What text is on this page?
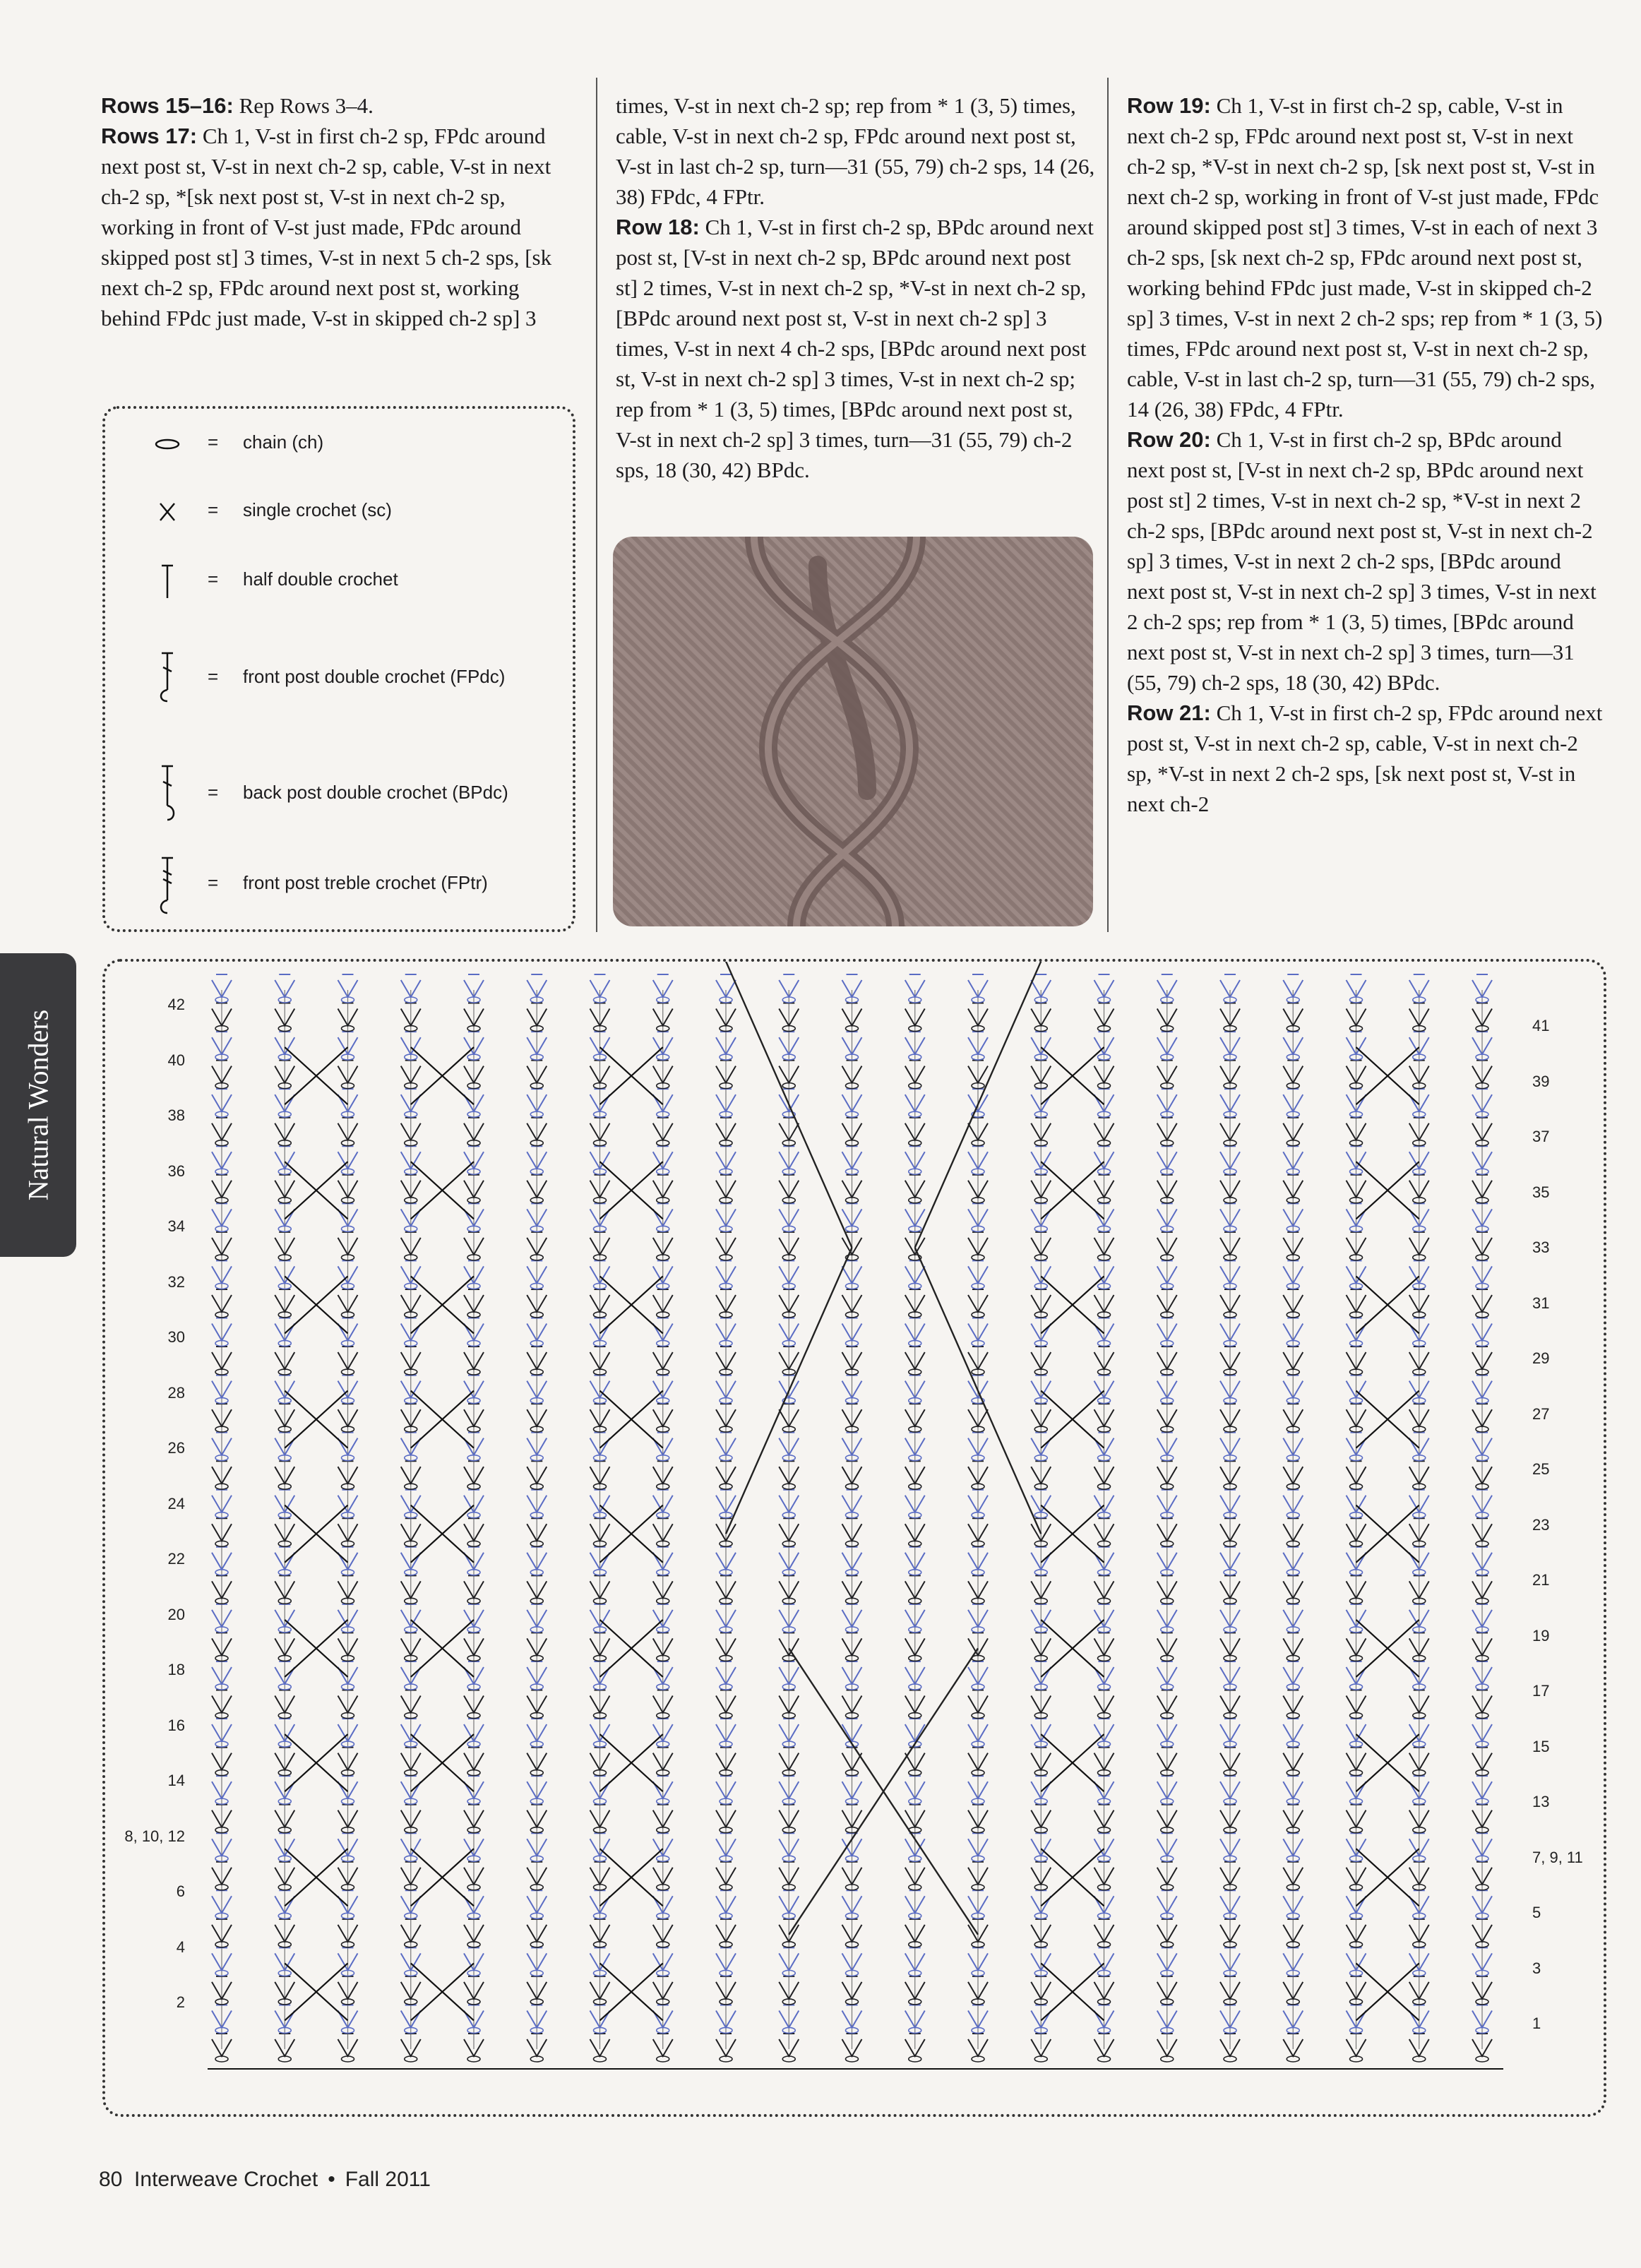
Rows 15–16: Rep Rows 3–4.

Rows 17: Ch 1, V-st in first ch-2 sp, FPdc around next post st, V-st in next ch-2 sp, cable, V-st in next ch-2 sp, *[sk next post st, V-st in next ch-2 sp, working in front of V-st just made, FPdc around skipped post st] 3 times, V-st in next 5 ch-2 sps, [sk next ch-2 sp, FPdc around next post st, working behind FPdc just made, V-st in skipped ch-2 sp] 3

times, V-st in next ch-2 sp; rep from * 1 (3, 5) times, cable, V-st in next ch-2 sp, FPdc around next post st, V-st in last ch-2 sp, turn—31 (55, 79) ch-2 sps, 14 (26, 38) FPdc, 4 FPtr.

Row 18: Ch 1, V-st in first ch-2 sp, BPdc around next post st, [V-st in next ch-2 sp, BPdc around next post st] 2 times, V-st in next ch-2 sp, *V-st in next ch-2 sp, [BPdc around next post st, V-st in next ch-2 sp] 3 times, V-st in next 4 ch-2 sps, [BPdc around next post st, V-st in next ch-2 sp] 3 times, V-st in next ch-2 sp; rep from * 1 (3, 5) times, [BPdc around next post st, V-st in next ch-2 sp] 3 times, turn—31 (55, 79) ch-2 sps, 18 (30, 42) BPdc.

Row 19: Ch 1, V-st in first ch-2 sp, cable, V-st in next ch-2 sp, FPdc around next post st, V-st in next ch-2 sp, *V-st in next ch-2 sp, [sk next post st, V-st in next ch-2 sp, working in front of V-st just made, FPdc around skipped post st] 3 times, V-st in each of next 3 ch-2 sps, [sk next ch-2 sp, FPdc around next post st, working behind FPdc just made, V-st in skipped ch-2 sp] 3 times, V-st in next 2 ch-2 sps; rep from * 1 (3, 5) times, FPdc around next post st, V-st in next ch-2 sp, cable, V-st in last ch-2 sp, turn—31 (55, 79) ch-2 sps, 14 (26, 38) FPdc, 4 FPtr.

Row 20: Ch 1, V-st in first ch-2 sp, BPdc around next post st, [V-st in next ch-2 sp, BPdc around next post st] 2 times, V-st in next ch-2 sp, *V-st in next 2 ch-2 sps, [BPdc around next post st, V-st in next ch-2 sp] 3 times, V-st in next 2 ch-2 sps, [BPdc around next post st, V-st in next ch-2 sp] 3 times, V-st in next 2 ch-2 sps; rep from * 1 (3, 5) times, [BPdc around next post st, V-st in next ch-2 sp] 3 times, turn—31 (55, 79) ch-2 sps, 18 (30, 42) BPdc.

Row 21: Ch 1, V-st in first ch-2 sp, FPdc around next post st, V-st in next ch-2 sp, cable, V-st in next ch-2 sp, *V-st in next 2 ch-2 sps, [sk next post st, V-st in next ch-2

= chain (ch)
= single crochet (sc)
= half double crochet
= front post double crochet (FPdc)
= back post double crochet (BPdc)
= front post treble crochet (FPtr)
42
40
38
36
34
32
30
28
26
24
22
20
18
16
14
8, 10, 12
6
4
2
41
39
37
35
33
31
29
27
25
23
21
19
17
15
13
7, 9, 11
5
3
1
Natural Wonders
80 Interweave Crochet • Fall 2011
